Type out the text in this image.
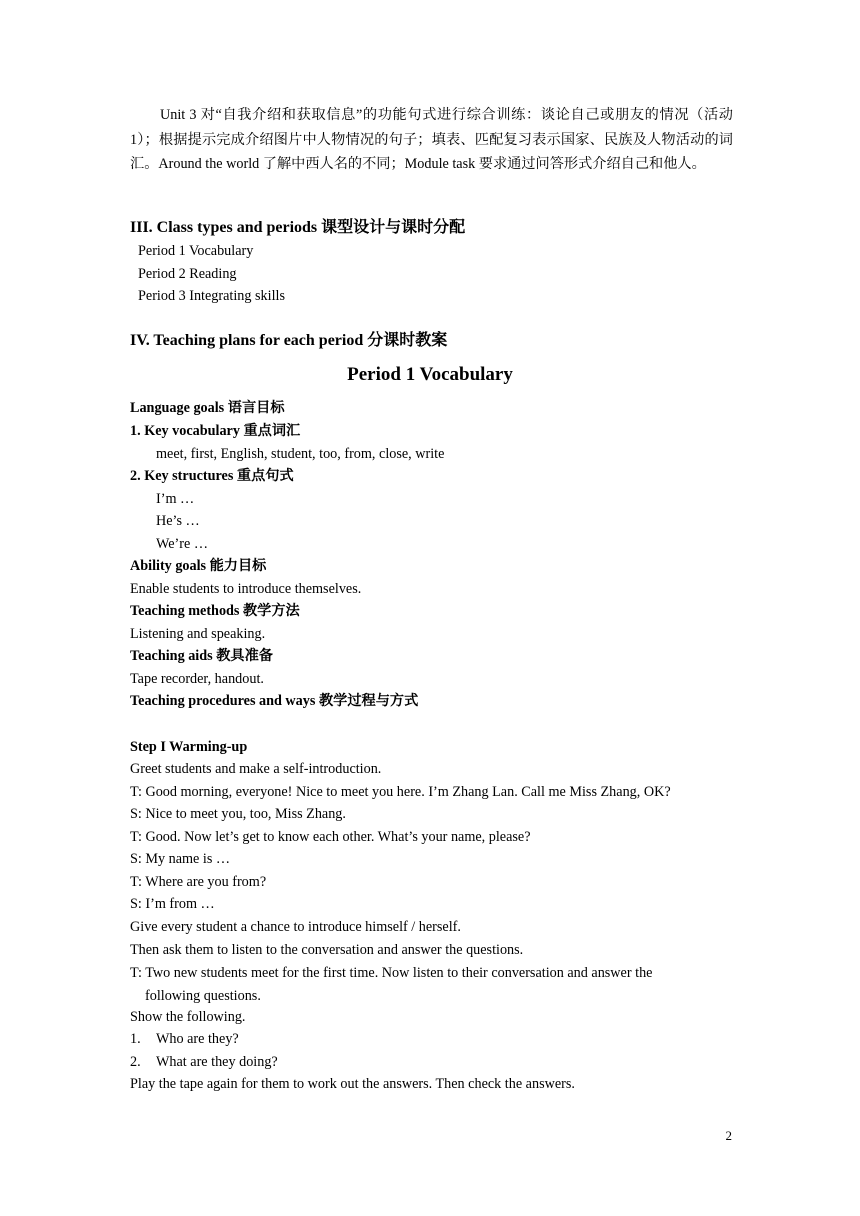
Unit 3 对“自我介绍和获取信息”的功能句式进行综合训练：谈论自己或朋友的情况（活动 1）；根据提示完成介绍图片中人物情况的句子；填表、匹配复习表示国家、民族及人物活动的词汇。Around the world 了解中西人名的不同；Module task 要求通过问答形式介绍自己和他人。
III. Class types and periods 课型设计与课时分配
Period 1 Vocabulary
Period 2 Reading
Period 3 Integrating skills
IV. Teaching plans for each period 分课时教案
Period 1 Vocabulary
Language goals 语言目标
1. Key vocabulary 重点词汇
meet, first, English, student, too, from, close, write
2. Key structures 重点句式
I’m …
He’s …
We’re …
Ability goals 能力目标
Enable students to introduce themselves.
Teaching methods 教学方法
Listening and speaking.
Teaching aids 教具准备
Tape recorder, handout.
Teaching procedures and ways 教学过程与方式
Step I Warming-up
Greet students and make a self-introduction.
T: Good morning, everyone! Nice to meet you here. I’m Zhang Lan. Call me Miss Zhang, OK?
S: Nice to meet you, too, Miss Zhang.
T: Good. Now let’s get to know each other. What’s your name, please?
S: My name is …
T: Where are you from?
S: I’m from …
Give every student a chance to introduce himself / herself.
Then ask them to listen to the conversation and answer the questions.
T: Two new students meet for the first time. Now listen to their conversation and answer the
following questions.
Show the following.
1. Who are they?
2. What are they doing?
Play the tape again for them to work out the answers. Then check the answers.
2
